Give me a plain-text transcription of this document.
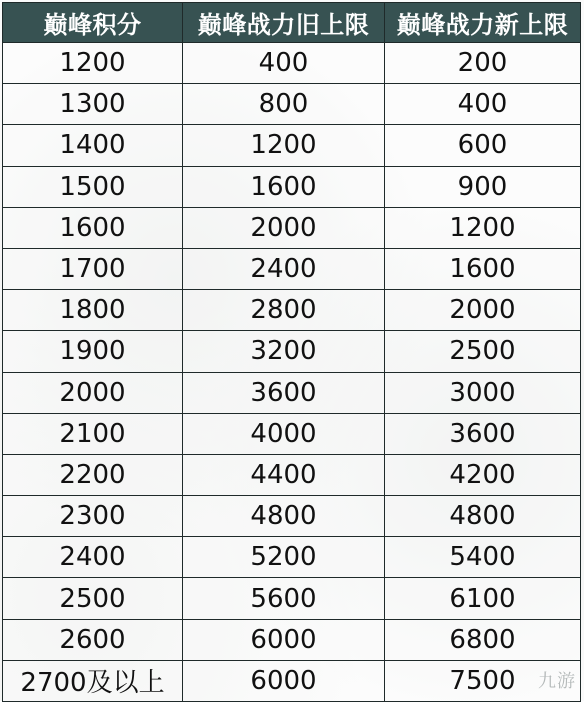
巅峰积分	巅峰战力旧上限	巅峰战力新上限
1200	400	200
1300	800	400
1400	1200	600
1500	1600	900
1600	2000	1200
1700	2400	1600
1800	2800	2000
1900	3200	2500
2000	3600	3000
2100	4000	3600
2200	4400	4200
2300	4800	4800
2400	5200	5400
2500	5600	6100
2600	6000	6800
2700及以上	6000	7500 九游
